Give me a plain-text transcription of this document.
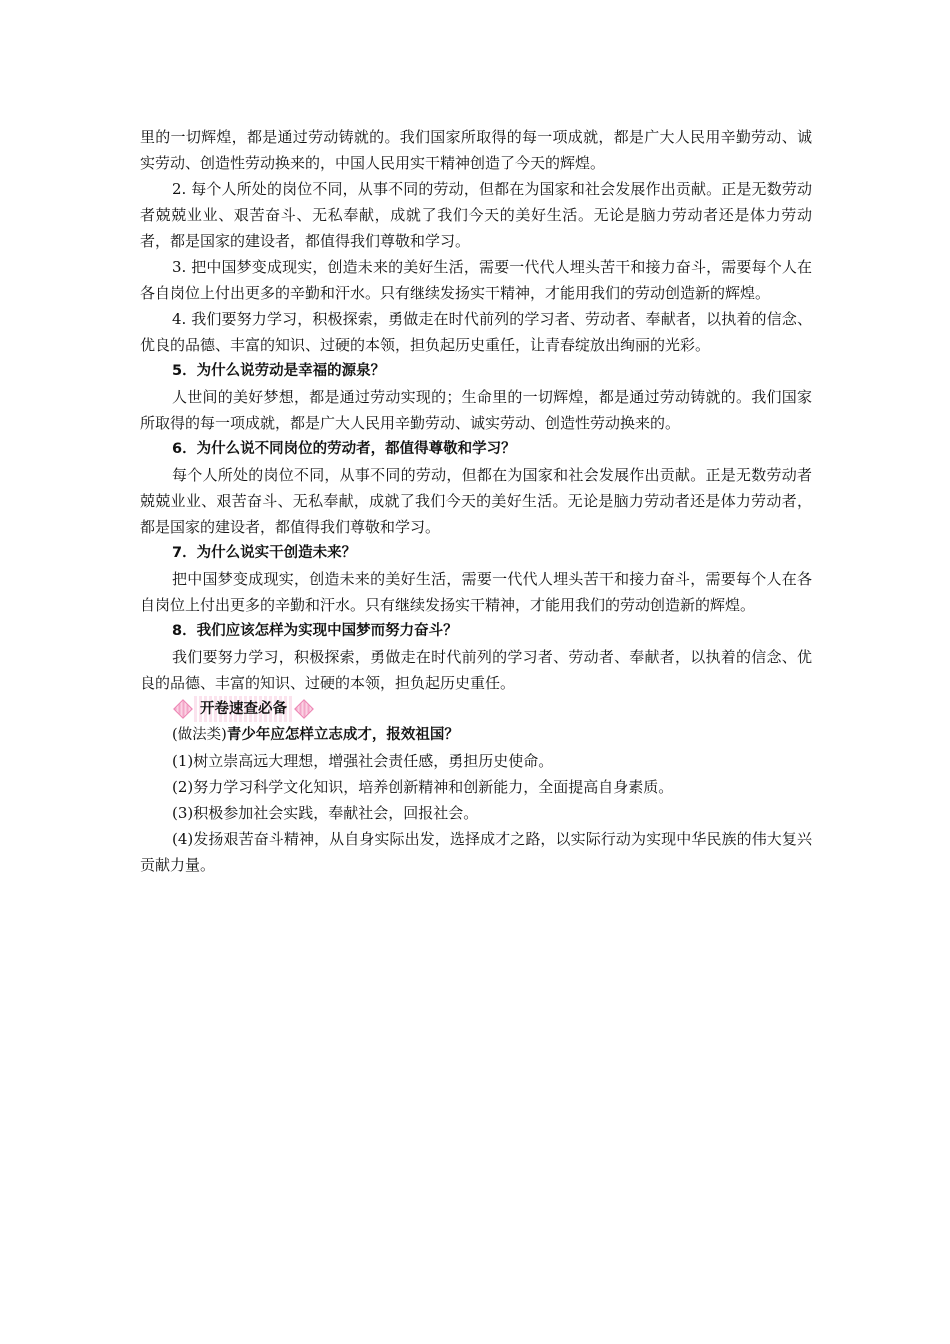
里的一切辉煌，都是通过劳动铸就的。我们国家所取得的每一项成就，都是广大人民用辛勤劳动、诚实劳动、创造性劳动换来的，中国人民用实干精神创造了今天的辉煌。

2. 每个人所处的岗位不同，从事不同的劳动，但都在为国家和社会发展作出贡献。正是无数劳动者兢兢业业、艰苦奋斗、无私奉献，成就了我们今天的美好生活。无论是脑力劳动者还是体力劳动者，都是国家的建设者，都值得我们尊敬和学习。

3. 把中国梦变成现实，创造未来的美好生活，需要一代代人埋头苦干和接力奋斗，需要每个人在各自岗位上付出更多的辛勤和汗水。只有继续发扬实干精神，才能用我们的劳动创造新的辉煌。

4. 我们要努力学习，积极探索，勇做走在时代前列的学习者、劳动者、奉献者，以执着的信念、优良的品德、丰富的知识、过硬的本领，担负起历史重任，让青春绽放出绚丽的光彩。

5．为什么说劳动是幸福的源泉？

人世间的美好梦想，都是通过劳动实现的；生命里的一切辉煌，都是通过劳动铸就的。我们国家所取得的每一项成就，都是广大人民用辛勤劳动、诚实劳动、创造性劳动换来的。

6．为什么说不同岗位的劳动者，都值得尊敬和学习？

每个人所处的岗位不同，从事不同的劳动，但都在为国家和社会发展作出贡献。正是无数劳动者兢兢业业、艰苦奋斗、无私奉献，成就了我们今天的美好生活。无论是脑力劳动者还是体力劳动者，都是国家的建设者，都值得我们尊敬和学习。

7．为什么说实干创造未来？

把中国梦变成现实，创造未来的美好生活，需要一代代人埋头苦干和接力奋斗，需要每个人在各自岗位上付出更多的辛勤和汗水。只有继续发扬实干精神，才能用我们的劳动创造新的辉煌。

8．我们应该怎样为实现中国梦而努力奋斗？

我们要努力学习，积极探索，勇做走在时代前列的学习者、劳动者、奉献者，以执着的信念、优良的品德、丰富的知识、过硬的本领，担负起历史重任。

开卷速查必备

(做法类)青少年应怎样立志成才，报效祖国？

(1)树立崇高远大理想，增强社会责任感，勇担历史使命。

(2)努力学习科学文化知识，培养创新精神和创新能力，全面提高自身素质。

(3)积极参加社会实践，奉献社会，回报社会。

(4)发扬艰苦奋斗精神，从自身实际出发，选择成才之路，以实际行动为实现中华民族的伟大复兴贡献力量。
